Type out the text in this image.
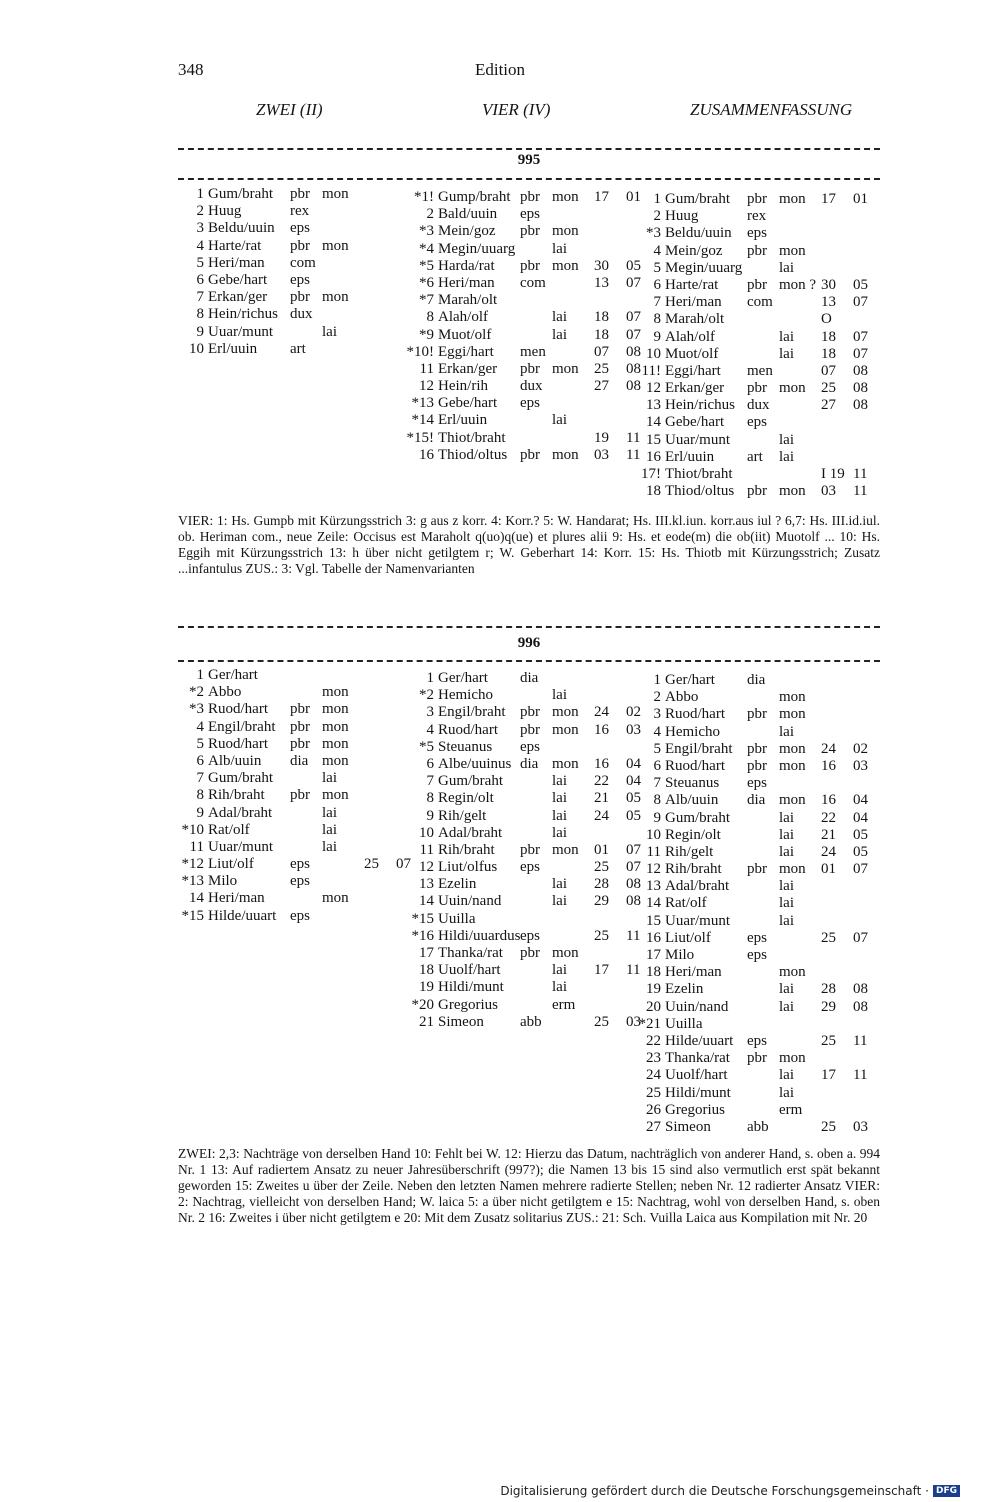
348	Edition
ZWEI (II)	VIER (IV)	ZUSAMMENFASSUNG
995
1 Gum/braht pbr mon
2 Huug	rex
3 Beldu/uuin eps
4 Harte/rat pbr mon
5 Heri/man com
6 Gebe/hart eps
7 Erkan/ger pbr mon
8 Hein/richus dux
9 Uuar/munt	lai
10 Erl/uuin art
*1! Gump/braht pbr mon 17 01
2 Bald/uuin eps
*3 Mein/goz pbr mon
*4 Megin/uuarg lai
*5 Harda/rat pbr mon 30 05
*6 Heri/man com	13 07
*7 Marah/olt
8 Alah/olf	lai 18 07
*9 Muot/olf	lai 18 07
*10! Eggi/hart men	07 08
11 Erkan/ger pbr mon 25 08
12 Hein/rih dux	27 08
*13 Gebe/hart eps
*14 Erl/uuin	lai
*15! Thiot/braht	19 11
16 Thiod/oltus pbr mon 03 11
1 Gum/braht pbr mon 17 01
2 Huug	rex
*3 Beldu/uuin eps
4 Mein/goz pbr mon
5 Megin/uuarg lai
6 Harte/rat pbr mon ? 30 05
7 Heri/man com	13 07
8 Marah/olt	O
9 Alah/olf	lai 18 07
10 Muot/olf	lai 18 07
11! Eggi/hart men	07 08
12 Erkan/ger pbr mon 25 08
13 Hein/richus dux	27 08
14 Gebe/hart eps
15 Uuar/munt	lai
16 Erl/uuin art lai
17! Thiot/braht	I 19 11
18 Thiod/oltus pbr mon 03 11

VIER: 1: Hs. Gumpb mit Kürzungsstrich 3: g aus z korr. 4: Korr.? 5: W. Handarat; Hs. III.kl.iun. korr.aus iul ? 6,7: Hs. III.id.iul. ob. Heriman com., neue Zeile: Occisus est Maraholt q(uo)q(ue) et plures alii 9: Hs. et eode(m) die ob(iit) Muotolf ... 10: Hs. Eggih mit Kürzungsstrich 13: h über nicht getilgtem r; W. Geberhart 14: Korr. 15: Hs. Thiotb mit Kürzungsstrich; Zusatz ...infantulus ZUS.: 3: Vgl. Tabelle der Namenvarianten

996
1 Ger/hart
*2 Abbo	mon
*3 Ruod/hart pbr mon
4 Engil/braht pbr mon
5 Ruod/hart pbr mon
6 Alb/uuin dia mon
7 Gum/braht	lai
8 Rih/braht pbr mon
9 Adal/braht	lai
*10 Rat/olf	lai
11 Uuar/munt	lai
*12 Liut/olf eps	25 07
*13 Milo	eps
14 Heri/man	mon
*15 Hilde/uuart eps
1 Ger/hart dia
*2 Hemicho	lai
3 Engil/braht pbr mon 24 02
4 Ruod/hart pbr mon 16 03
*5 Steuanus eps
6 Albe/uuinus dia mon 16 04
7 Gum/braht	lai 22 04
8 Regin/olt	lai 21 05
9 Rih/gelt	lai 24 05
10 Adal/braht	lai
11 Rih/braht pbr mon 01 07
12 Liut/olfus eps	25 07
13 Ezelin	lai 28 08
14 Uuin/nand	lai 29 08
*15 Uuilla
*16 Hildi/uuardus eps	25 11
17 Thanka/rat pbr mon
18 Uuolf/hart	lai 17 11
19 Hildi/munt	lai
*20 Gregorius	erm
21 Simeon abb	25 03
1 Ger/hart dia
2 Abbo	mon
3 Ruod/hart pbr mon
4 Hemicho	lai
5 Engil/braht pbr mon 24 02
6 Ruod/hart pbr mon 16 03
7 Steuanus eps
8 Alb/uuin dia mon 16 04
9 Gum/braht	lai 22 04
10 Regin/olt	lai 21 05
11 Rih/gelt	lai 24 05
12 Rih/braht pbr mon 01 07
13 Adal/braht	lai
14 Rat/olf	lai
15 Uuar/munt	lai
16 Liut/olf eps	25 07
17 Milo	eps
18 Heri/man	mon
19 Ezelin	lai 28 08
20 Uuin/nand	lai 29 08
*21 Uuilla
22 Hilde/uuart eps	25 11
23 Thanka/rat pbr mon
24 Uuolf/hart	lai 17 11
25 Hildi/munt	lai
26 Gregorius	erm
27 Simeon abb	25 03

ZWEI: 2,3: Nachträge von derselben Hand 10: Fehlt bei W. 12: Hierzu das Datum, nachträglich von anderer Hand, s. oben a. 994 Nr. 1 13: Auf radiertem Ansatz zu neuer Jahresüberschrift (997?); die Namen 13 bis 15 sind also vermutlich erst spät bekannt geworden 15: Zweites u über der Zeile. Neben den letzten Namen mehrere radierte Stellen; neben Nr. 12 radierter Ansatz VIER: 2: Nachtrag, vielleicht von derselben Hand; W. laica 5: a über nicht getilgtem e 15: Nachtrag, wohl von derselben Hand, s. oben Nr. 2 16: Zweites i über nicht getilgtem e 20: Mit dem Zusatz solitarius ZUS.: 21: Sch. Vuilla Laica aus Kompilation mit Nr. 20

Digitalisierung gefördert durch die Deutsche Forschungsgemeinschaft · DFG
